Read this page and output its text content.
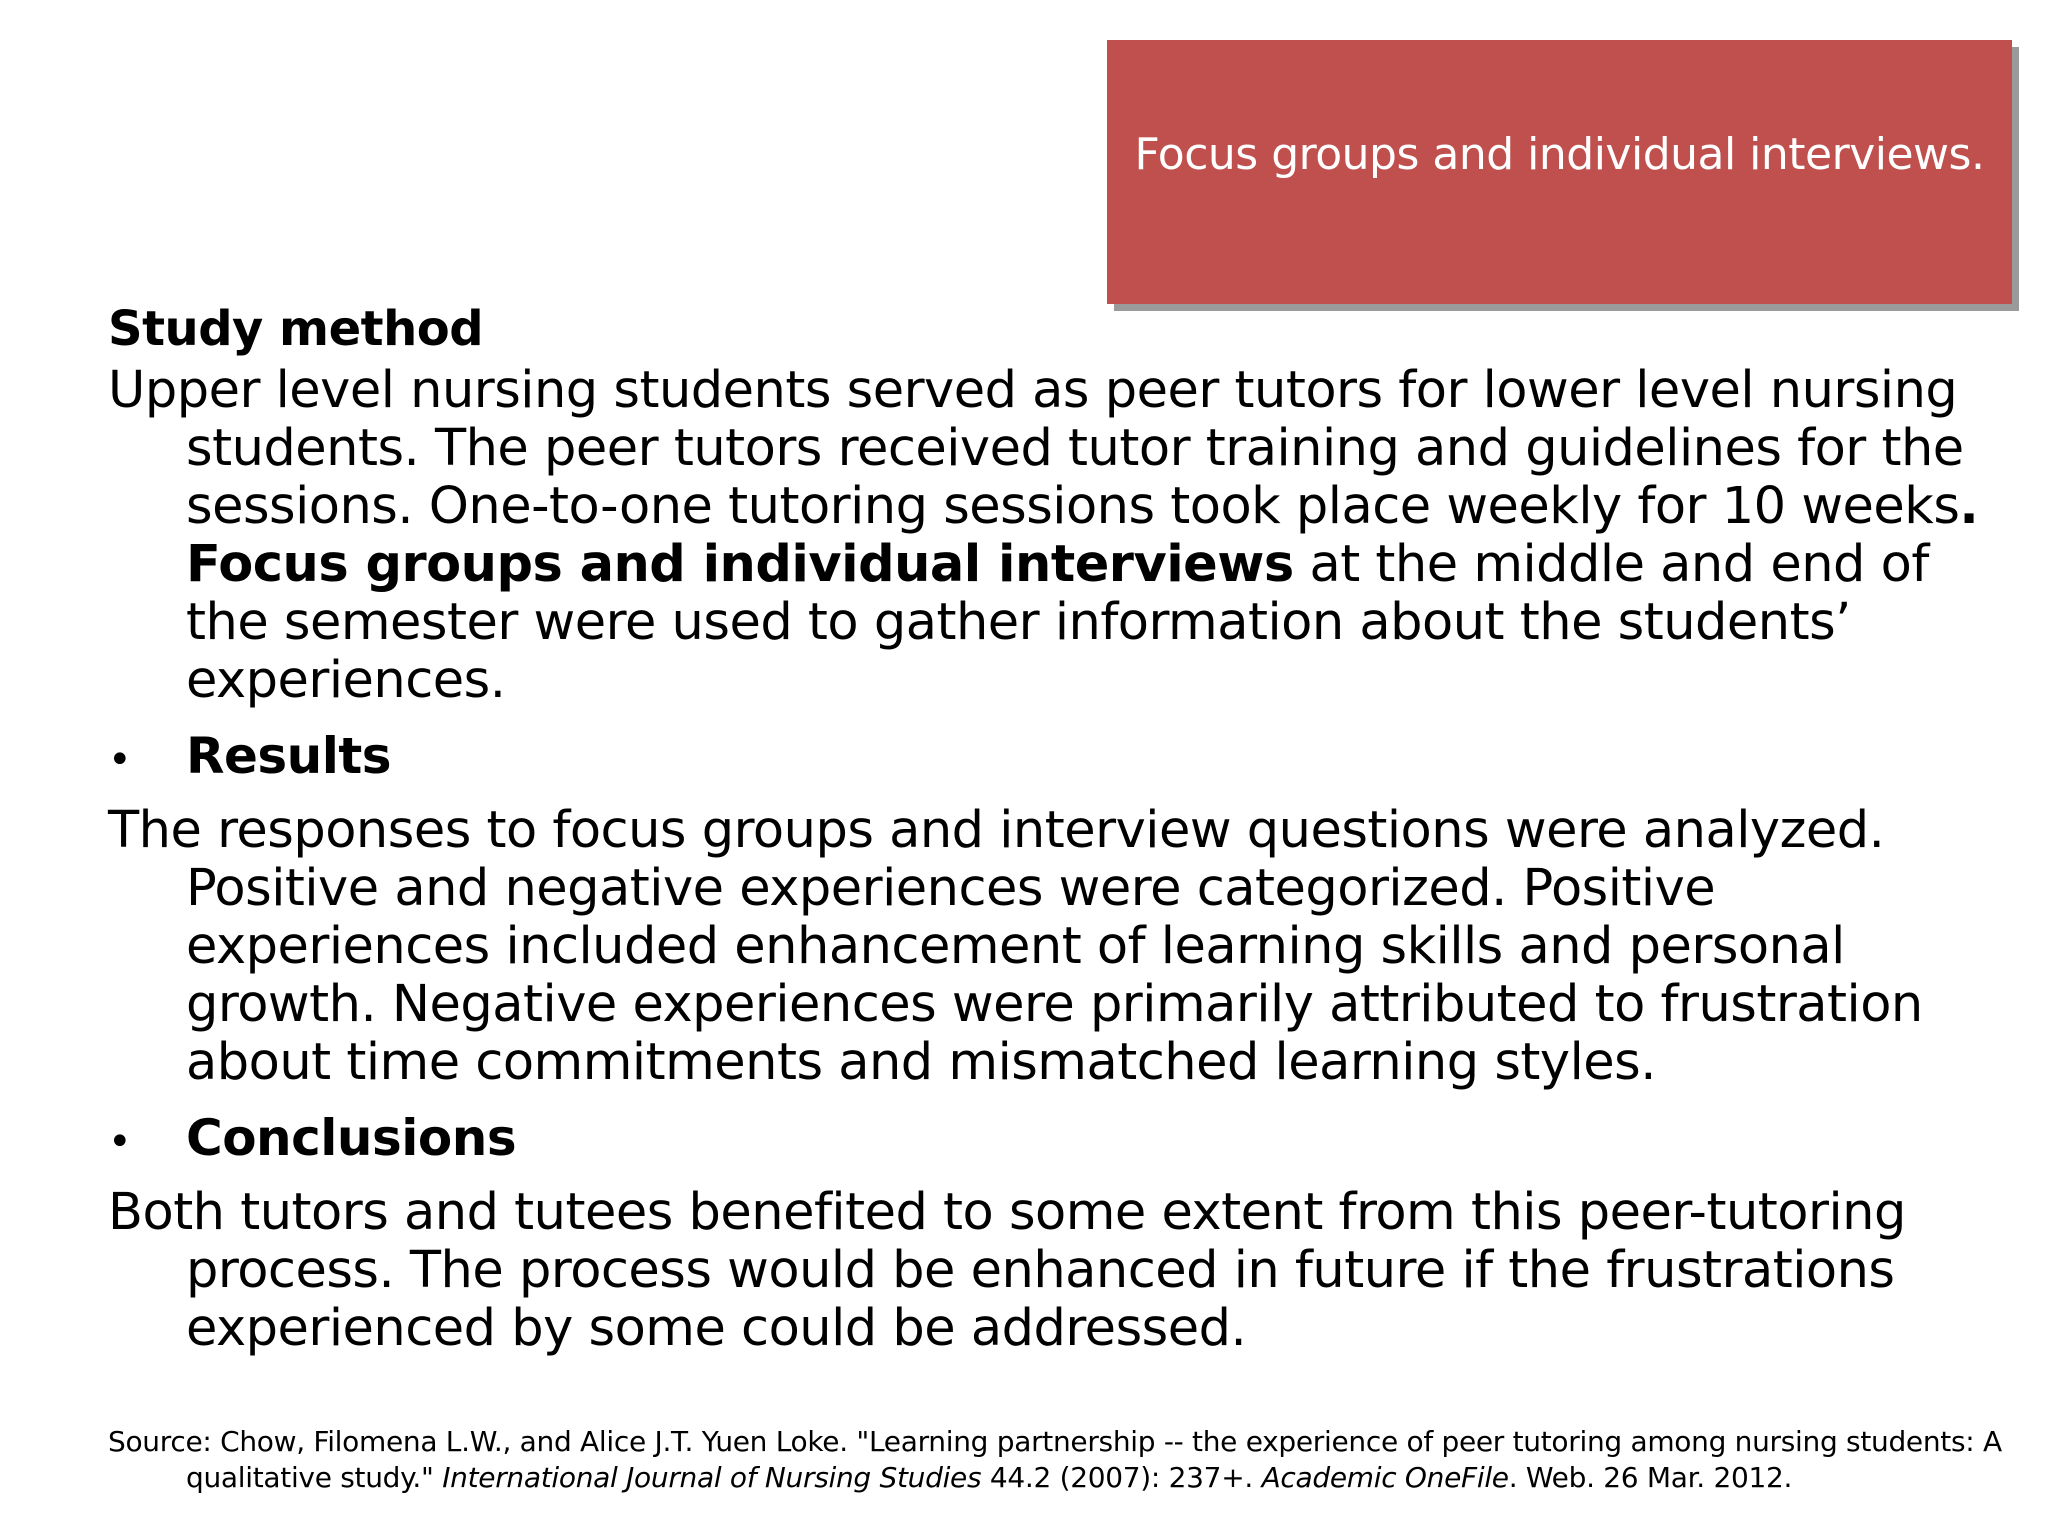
Focus groups and individual interviews.

Study method

Upper level nursing students served as peer tutors for lower level nursing students. The peer tutors received tutor training and guidelines for the sessions. One-to-one tutoring sessions took place weekly for 10 weeks. Focus groups and individual interviews at the middle and end of the semester were used to gather information about the students’ experiences.

•	Results

The responses to focus groups and interview questions were analyzed. Positive and negative experiences were categorized. Positive experiences included enhancement of learning skills and personal growth. Negative experiences were primarily attributed to frustration about time commitments and mismatched learning styles.

•	Conclusions

Both tutors and tutees benefited to some extent from this peer-tutoring process. The process would be enhanced in future if the frustrations experienced by some could be addressed.

Source: Chow, Filomena L.W., and Alice J.T. Yuen Loke. "Learning partnership -- the experience of peer tutoring among nursing students: A qualitative study." International Journal of Nursing Studies 44.2 (2007): 237+. Academic OneFile. Web. 26 Mar. 2012.
